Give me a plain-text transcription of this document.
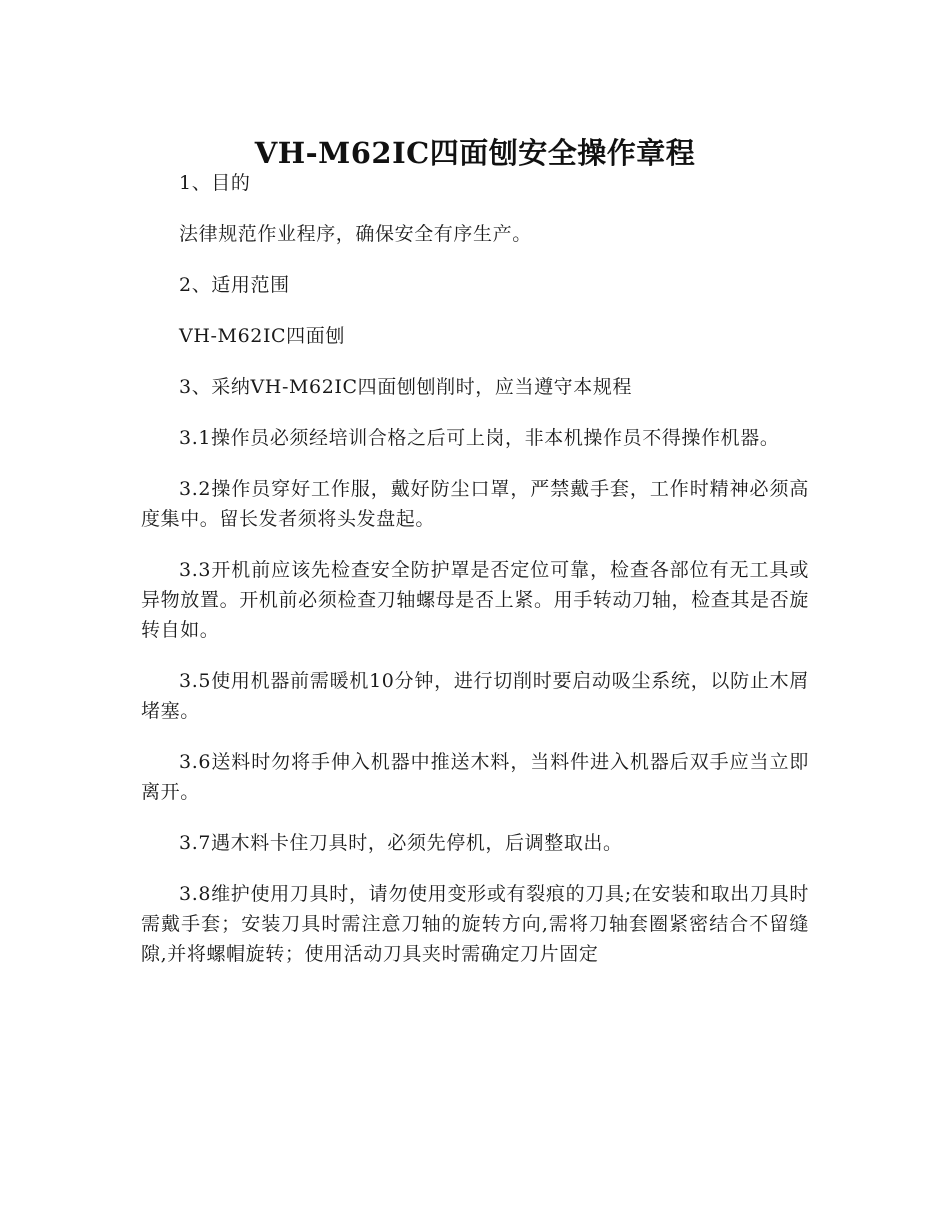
VH-M62IC四面刨安全操作章程

1、目的

法律规范作业程序，确保安全有序生产。

2、适用范围

VH-M62IC四面刨

3、采纳VH-M62IC四面刨刨削时，应当遵守本规程

3.1操作员必须经培训合格之后可上岗，非本机操作员不得操作机器。

3.2操作员穿好工作服，戴好防尘口罩，严禁戴手套，工作时精神必须高度集中。留长发者须将头发盘起。

3.3开机前应该先检查安全防护罩是否定位可靠，检查各部位有无工具或异物放置。开机前必须检查刀轴螺母是否上紧。用手转动刀轴，检查其是否旋转自如。

3.5使用机器前需暖机10分钟，进行切削时要启动吸尘系统，以防止木屑堵塞。

3.6送料时勿将手伸入机器中推送木料，当料件进入机器后双手应当立即离开。

3.7遇木料卡住刀具时，必须先停机，后调整取出。

3.8维护使用刀具时，请勿使用变形或有裂痕的刀具;在安装和取出刀具时需戴手套；安装刀具时需注意刀轴的旋转方向,需将刀轴套圈紧密结合不留缝隙,并将螺帽旋转；使用活动刀具夹时需确定刀片固定
